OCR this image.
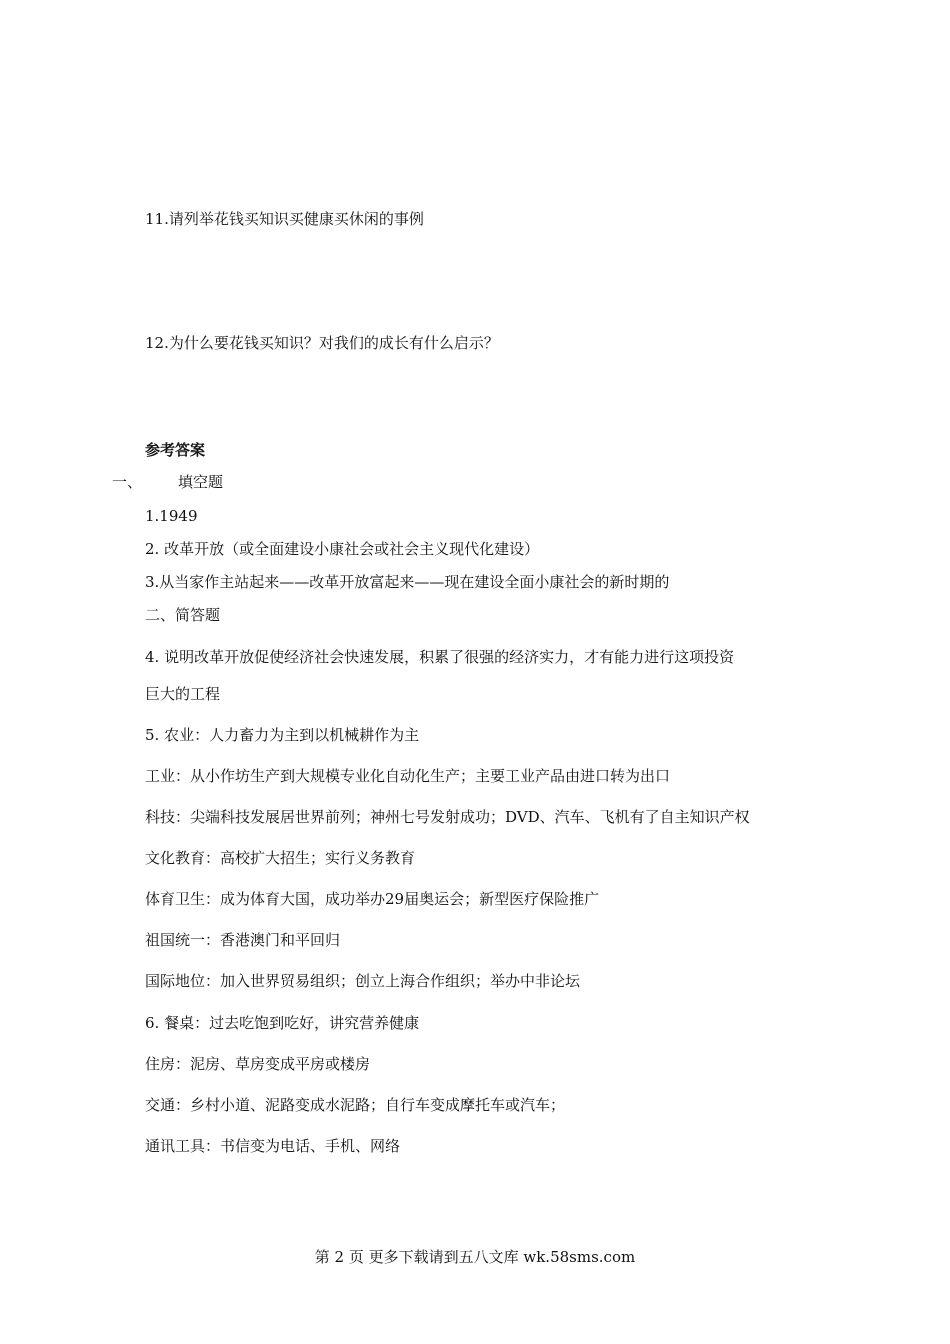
11.请列举花钱买知识买健康买休闲的事例
12.为什么要花钱买知识？对我们的成长有什么启示？
参考答案
一、 填空题
1.1949
2. 改革开放（或全面建设小康社会或社会主义现代化建设）
3.从当家作主站起来——改革开放富起来——现在建设全面小康社会的新时期的
二、简答题
4. 说明改革开放促使经济社会快速发展，积累了很强的经济实力，才有能力进行这项投资
巨大的工程
5. 农业：人力畜力为主到以机械耕作为主
工业：从小作坊生产到大规模专业化自动化生产；主要工业产品由进口转为出口
科技：尖端科技发展居世界前列；神州七号发射成功；DVD、汽车、飞机有了自主知识产权
文化教育：高校扩大招生；实行义务教育
体育卫生：成为体育大国，成功举办29届奥运会；新型医疗保险推广
祖国统一：香港澳门和平回归
国际地位：加入世界贸易组织；创立上海合作组织；举办中非论坛
6. 餐桌：过去吃饱到吃好，讲究营养健康
住房：泥房、草房变成平房或楼房
交通：乡村小道、泥路变成水泥路；自行车变成摩托车或汽车；
通讯工具：书信变为电话、手机、网络
第 2 页 更多下载请到五八文库 wk.58sms.com
